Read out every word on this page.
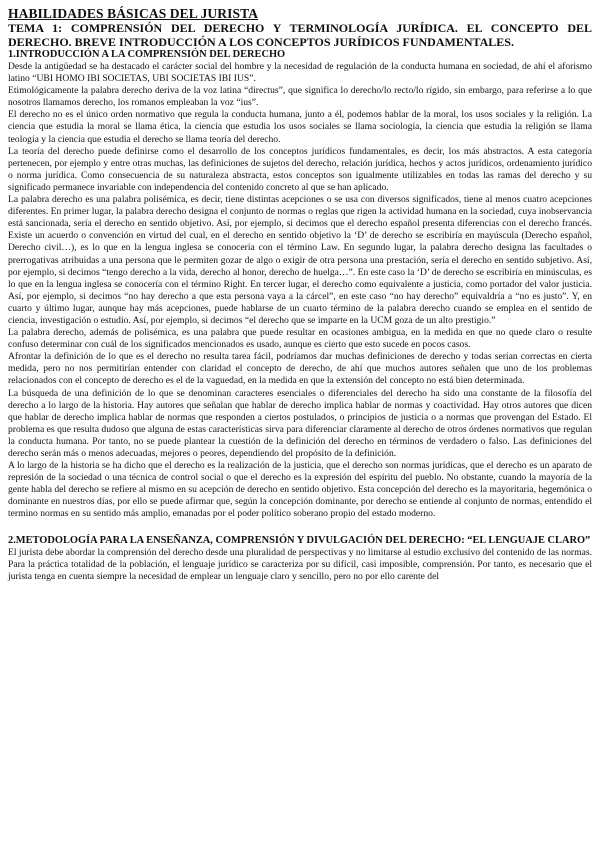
HABILIDADES BÁSICAS DEL JURISTA
TEMA 1: COMPRENSIÓN DEL DERECHO Y TERMINOLOGÍA JURÍDICA. EL CONCEPTO DEL DERECHO. BREVE INTRODUCCIÓN A LOS CONCEPTOS JURÍDICOS FUNDAMENTALES.
1.INTRODUCCIÓN A LA COMPRENSIÓN DEL DERECHO

Desde la antigüedad se ha destacado el carácter social del hombre y la necesidad de regulación de la conducta humana en sociedad, de ahí el aforismo latino “UBI HOMO IBI SOCIETAS, UBI SOCIETAS IBI IUS”.

Etimológicamente la palabra derecho deriva de la voz latina “directus”, que significa lo derecho/lo recto/lo rígido, sin embargo, para referirse a lo que nosotros llamamos derecho, los romanos empleaban la voz “ius”.

El derecho no es el único orden normativo que regula la conducta humana, junto a él, podemos hablar de la moral, los usos sociales y la religión. La ciencia que estudia la moral se llama ética, la ciencia que estudia los usos sociales se llama sociología, la ciencia que estudia la religión se llama teología y la ciencia que estudia el derecho se llama teoría del derecho.

La teoría del derecho puede definirse como el desarrollo de los conceptos jurídicos fundamentales, es decir, los más abstractos. A esta categoría pertenecen, por ejemplo y entre otras muchas, las definiciones de sujetos del derecho, relación jurídica, hechos y actos jurídicos, ordenamiento jurídico o norma jurídica. Como consecuencia de su naturaleza abstracta, estos conceptos son igualmente utilizables en todas las ramas del derecho y su significado permanece invariable con independencia del contenido concreto al que se han aplicado.

La palabra derecho es una palabra polisémica, es decir, tiene distintas acepciones o se usa con diversos significados, tiene al menos cuatro acepciones diferentes. En primer lugar, la palabra derecho designa el conjunto de normas o reglas que rigen la actividad humana en la sociedad, cuya inobservancia está sancionada, sería el derecho en sentido objetivo. Así, por ejemplo, si decimos que el derecho español presenta diferencias con el derecho francés. Existe un acuerdo o convención en virtud del cual, en el derecho en sentido objetivo la ‘D’ de derecho se escribiría en mayúscula (Derecho español, Derecho civil…), es lo que en la lengua inglesa se conocería con el término Law. En segundo lugar, la palabra derecho designa las facultades o prerrogativas atribuidas a una persona que le permiten gozar de algo o exigir de otra persona una prestación, sería el derecho en sentido subjetivo. Así, por ejemplo, si decimos “tengo derecho a la vida, derecho al honor, derecho de huelga…”. En este caso la ‘D’ de derecho se escribiría en minúsculas, es lo que en la lengua inglesa se conocería con el término Right. En tercer lugar, el derecho como equivalente a justicia, como portador del valor justicia. Así, por ejemplo, si decimos “no hay derecho a que esta persona vaya a la cárcel”, en este caso “no hay derecho” equivaldría a “no es justo”. Y, en cuarto y último lugar, aunque hay más acepciones, puede hablarse de un cuarto término de la palabra derecho cuando se emplea en el sentido de ciencia, investigación o estudio. Así, por ejemplo, si decimos “el derecho que se imparte en la UCM goza de un alto prestigio.”

La palabra derecho, además de polisémica, es una palabra que puede resultar en ocasiones ambigua, en la medida en que no quede claro o resulte confuso determinar con cuál de los significados mencionados es usado, aunque es cierto que esto sucede en pocos casos.

Afrontar la definición de lo que es el derecho no resulta tarea fácil, podríamos dar muchas definiciones de derecho y todas serían correctas en cierta medida, pero no nos permitirían entender con claridad el concepto de derecho, de ahí que muchos autores señalen que uno de los problemas relacionados con el concepto de derecho es el de la vaguedad, en la medida en que la extensión del concepto no está bien determinada.

La búsqueda de una definición de lo que se denominan caracteres esenciales o diferenciales del derecho ha sido una constante de la filosofía del derecho a lo largo de la historia. Hay autores que señalan que hablar de derecho implica hablar de normas y coactividad. Hay otros autores que dicen que hablar de derecho implica hablar de normas que responden a ciertos postulados, o principios de justicia o a normas que provengan del Estado. El problema es que resulta dudoso que alguna de estas características sirva para diferenciar claramente al derecho de otros órdenes normativos que regulan la conducta humana. Por tanto, no se puede plantear la cuestión de la definición del derecho en términos de verdadero o falso. Las definiciones del derecho serán más o menos adecuadas, mejores o peores, dependiendo del propósito de la definición.

A lo largo de la historia se ha dicho que el derecho es la realización de la justicia, que el derecho son normas jurídicas, que el derecho es un aparato de represión de la sociedad o una técnica de control social o que el derecho es la expresión del espíritu del pueblo. No obstante, cuando la mayoría de la gente habla del derecho se refiere al mismo en su acepción de derecho en sentido objetivo. Esta concepción del derecho es la mayoritaria, hegemónica o dominante en nuestros días, por ello se puede afirmar que, según la concepción dominante, por derecho se entiende al conjunto de normas, entendido el termino normas en su sentido más amplio, emanadas por el poder político soberano propio del estado moderno.

2.METODOLOGÍA PARA LA ENSEÑANZA, COMPRENSIÓN Y DIVULGACIÓN DEL DERECHO: “EL LENGUAJE CLARO”

El jurista debe abordar la comprensión del derecho desde una pluralidad de perspectivas y no limitarse al estudio exclusivo del contenido de las normas.

Para la práctica totalidad de la población, el lenguaje jurídico se caracteriza por su difícil, casi imposible, comprensión. Por tanto, es necesario que el jurista tenga en cuenta siempre la necesidad de emplear un lenguaje claro y sencillo, pero no por ello carente del
